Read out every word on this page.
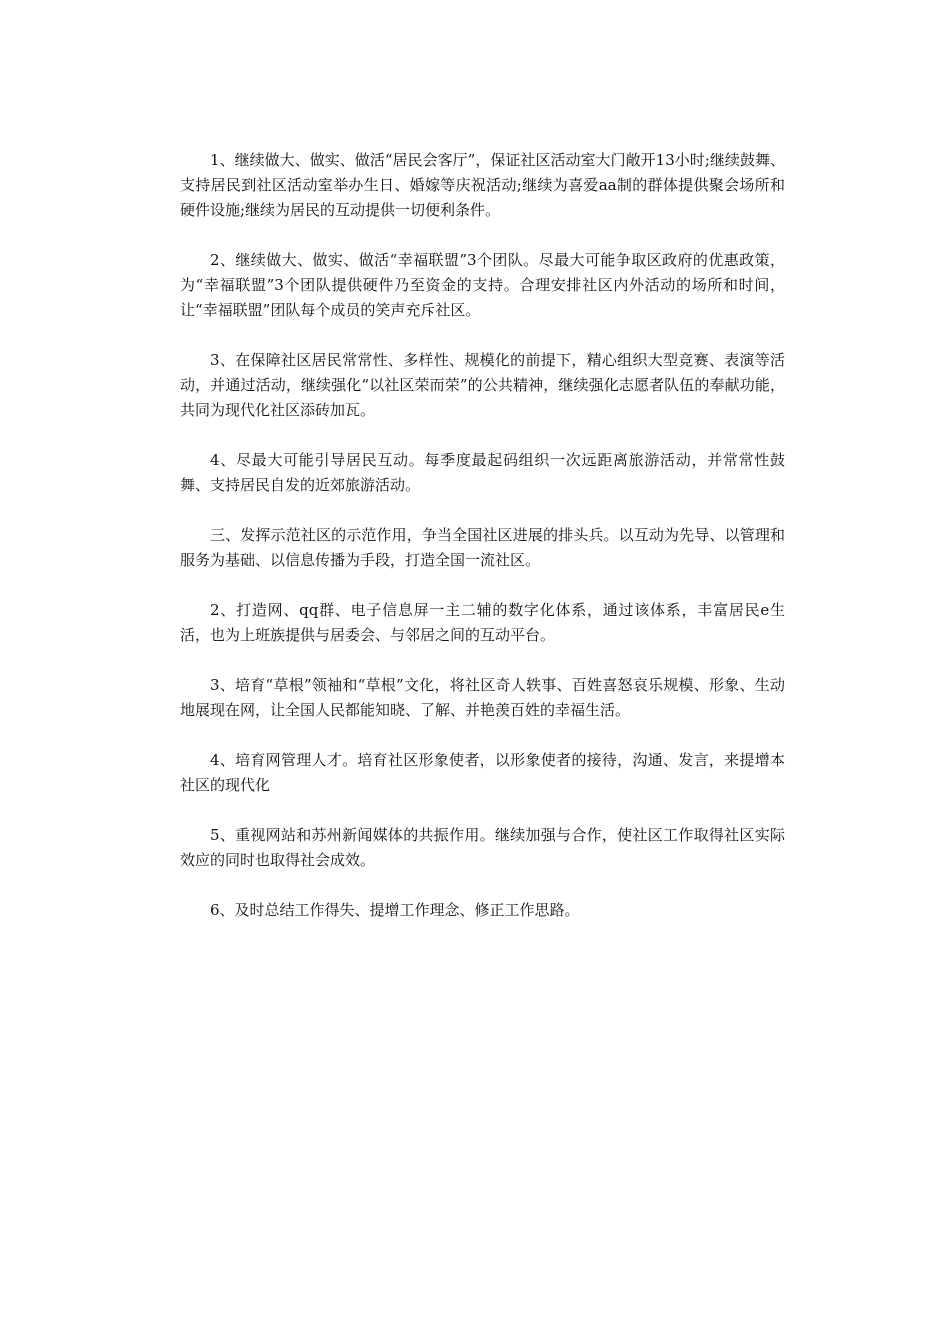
1、继续做大、做实、做活“居民会客厅”，保证社区活动室大门敞开13小时;继续鼓舞、支持居民到社区活动室举办生日、婚嫁等庆祝活动;继续为喜爱aa制的群体提供聚会场所和硬件设施;继续为居民的互动提供一切便利条件。

2、继续做大、做实、做活“幸福联盟”3个团队。尽最大可能争取区政府的优惠政策，为“幸福联盟”3个团队提供硬件乃至资金的支持。合理安排社区内外活动的场所和时间，让“幸福联盟”团队每个成员的笑声充斥社区。

3、在保障社区居民常常性、多样性、规模化的前提下，精心组织大型竞赛、表演等活动，并通过活动，继续强化“以社区荣而荣”的公共精神，继续强化志愿者队伍的奉献功能，共同为现代化社区添砖加瓦。

4、尽最大可能引导居民互动。每季度最起码组织一次远距离旅游活动，并常常性鼓舞、支持居民自发的近郊旅游活动。

三、发挥示范社区的示范作用，争当全国社区进展的排头兵。以互动为先导、以管理和服务为基础、以信息传播为手段，打造全国一流社区。

2、打造网、qq群、电子信息屏一主二辅的数字化体系，通过该体系，丰富居民e生活，也为上班族提供与居委会、与邻居之间的互动平台。

3、培育“草根”领袖和“草根”文化，将社区奇人轶事、百姓喜怒哀乐规模、形象、生动地展现在网，让全国人民都能知晓、了解、并艳羡百姓的幸福生活。

4、培育网管理人才。培育社区形象使者，以形象使者的接待，沟通、发言，来提增本社区的现代化

5、重视网站和苏州新闻媒体的共振作用。继续加强与合作，使社区工作取得社区实际效应的同时也取得社会成效。

6、及时总结工作得失、提增工作理念、修正工作思路。
